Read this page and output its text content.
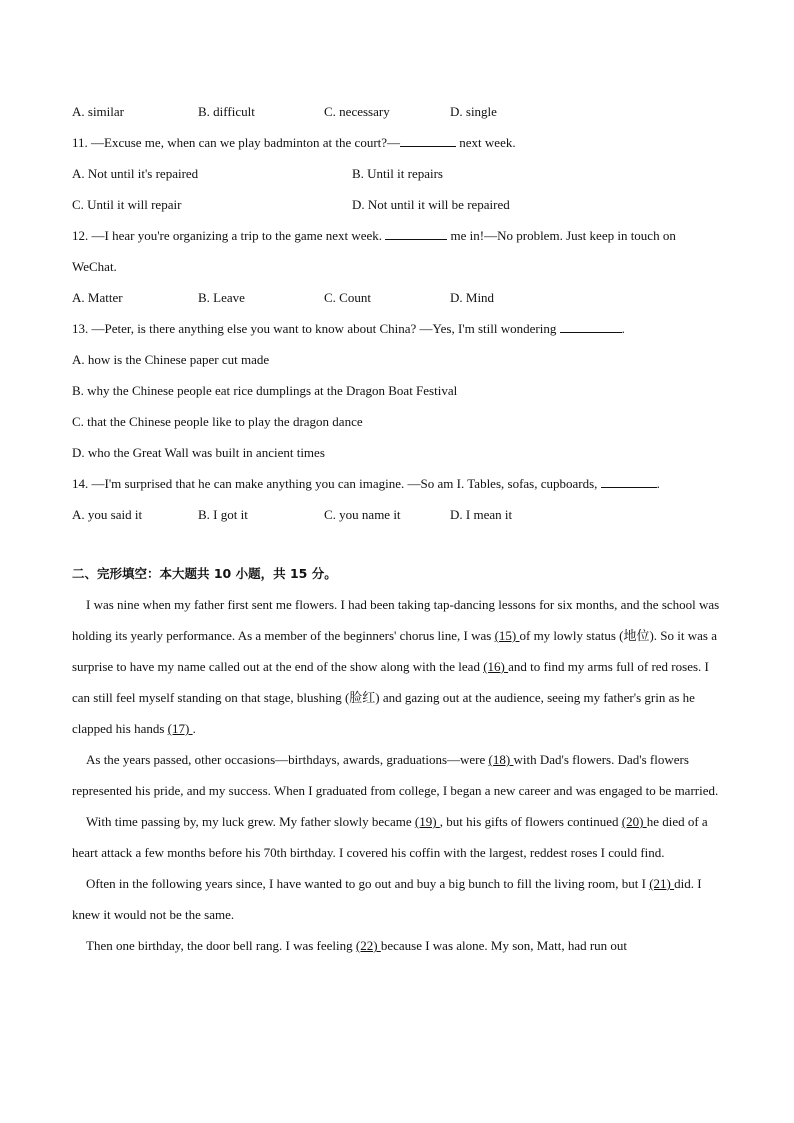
A. similar	B. difficult	C. necessary	D. single
11. —Excuse me, when can we play badminton at the court?—	next week.
A. Not until it's repaired	B. Until it repairs
C. Until it will repair	D. Not until it will be repaired
12. —I hear you're organizing a trip to the game next week.	me in!—No problem. Just keep in touch on WeChat.
A. Matter	B. Leave	C. Count	D. Mind
13. —Peter, is there anything else you want to know about China? —Yes, I'm still wondering	.
A. how is the Chinese paper cut made
B. why the Chinese people eat rice dumplings at the Dragon Boat Festival
C. that the Chinese people like to play the dragon dance
D. who the Great Wall was built in ancient times
14. —I'm surprised that he can make anything you can imagine. —So am I. Tables, sofas, cupboards,	.
A. you said it	B. I got it	C. you name it	D. I mean it
二、完形填空：本大题共 10 小题，共 15 分。
I was nine when my father first sent me flowers. I had been taking tap-dancing lessons for six months, and the school was holding its yearly performance. As a member of the beginners' chorus line, I was (15) of my lowly status (地位). So it was a surprise to have my name called out at the end of the show along with the lead (16) and to find my arms full of red roses. I can still feel myself standing on that stage, blushing (脸红) and gazing out at the audience, seeing my father's grin as he clapped his hands (17) .
As the years passed, other occasions—birthdays, awards, graduations—were (18) with Dad's flowers. Dad's flowers represented his pride, and my success. When I graduated from college, I began a new career and was engaged to be married.
With time passing by, my luck grew. My father slowly became (19) , but his gifts of flowers continued (20) he died of a heart attack a few months before his 70th birthday. I covered his coffin with the largest, reddest roses I could find.
Often in the following years since, I have wanted to go out and buy a big bunch to fill the living room, but I (21) did. I knew it would not be the same.
Then one birthday, the door bell rang. I was feeling (22) because I was alone. My son, Matt, had run out
